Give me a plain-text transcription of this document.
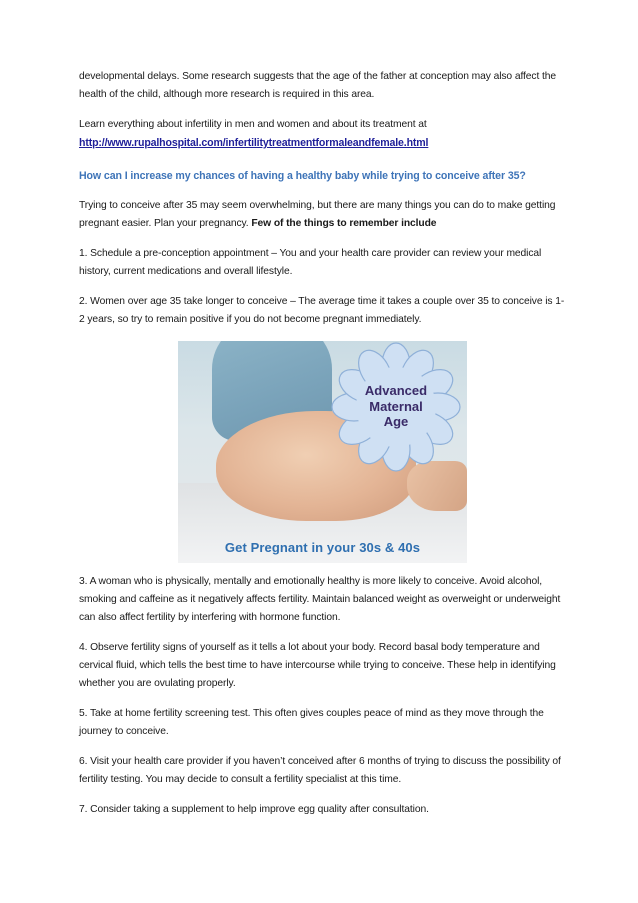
developmental delays. Some research suggests that the age of the father at conception may also affect the health of the child, although more research is required in this area.

Learn everything about infertility in men and women and about its treatment at
http://www.rupalhospital.com/infertilitytreatmentformaleandfemale.html

How can I increase my chances of having a healthy baby while trying to conceive after 35?

Trying to conceive after 35 may seem overwhelming, but there are many things you can do to make getting pregnant easier. Plan your pregnancy. Few of the things to remember include

1. Schedule a pre-conception appointment – You and your health care provider can review your medical history, current medications and overall lifestyle.

2. Women over age 35 take longer to conceive – The average time it takes a couple over 35 to conceive is 1-2 years, so try to remain positive if you do not become pregnant immediately.

Advanced
Maternal
Age
Get Pregnant in your 30s & 40s

3. A woman who is physically, mentally and emotionally healthy is more likely to conceive. Avoid alcohol, smoking and caffeine as it negatively affects fertility. Maintain balanced weight as overweight or underweight can also affect fertility by interfering with hormone function.

4. Observe fertility signs of yourself as it tells a lot about your body. Record basal body temperature and cervical fluid, which tells the best time to have intercourse while trying to conceive. These help in identifying whether you are ovulating properly.

5. Take at home fertility screening test. This often gives couples peace of mind as they move through the journey to conceive.

6. Visit your health care provider if you haven’t conceived after 6 months of trying to discuss the possibility of fertility testing. You may decide to consult a fertility specialist at this time.

7. Consider taking a supplement to help improve egg quality after consultation.
